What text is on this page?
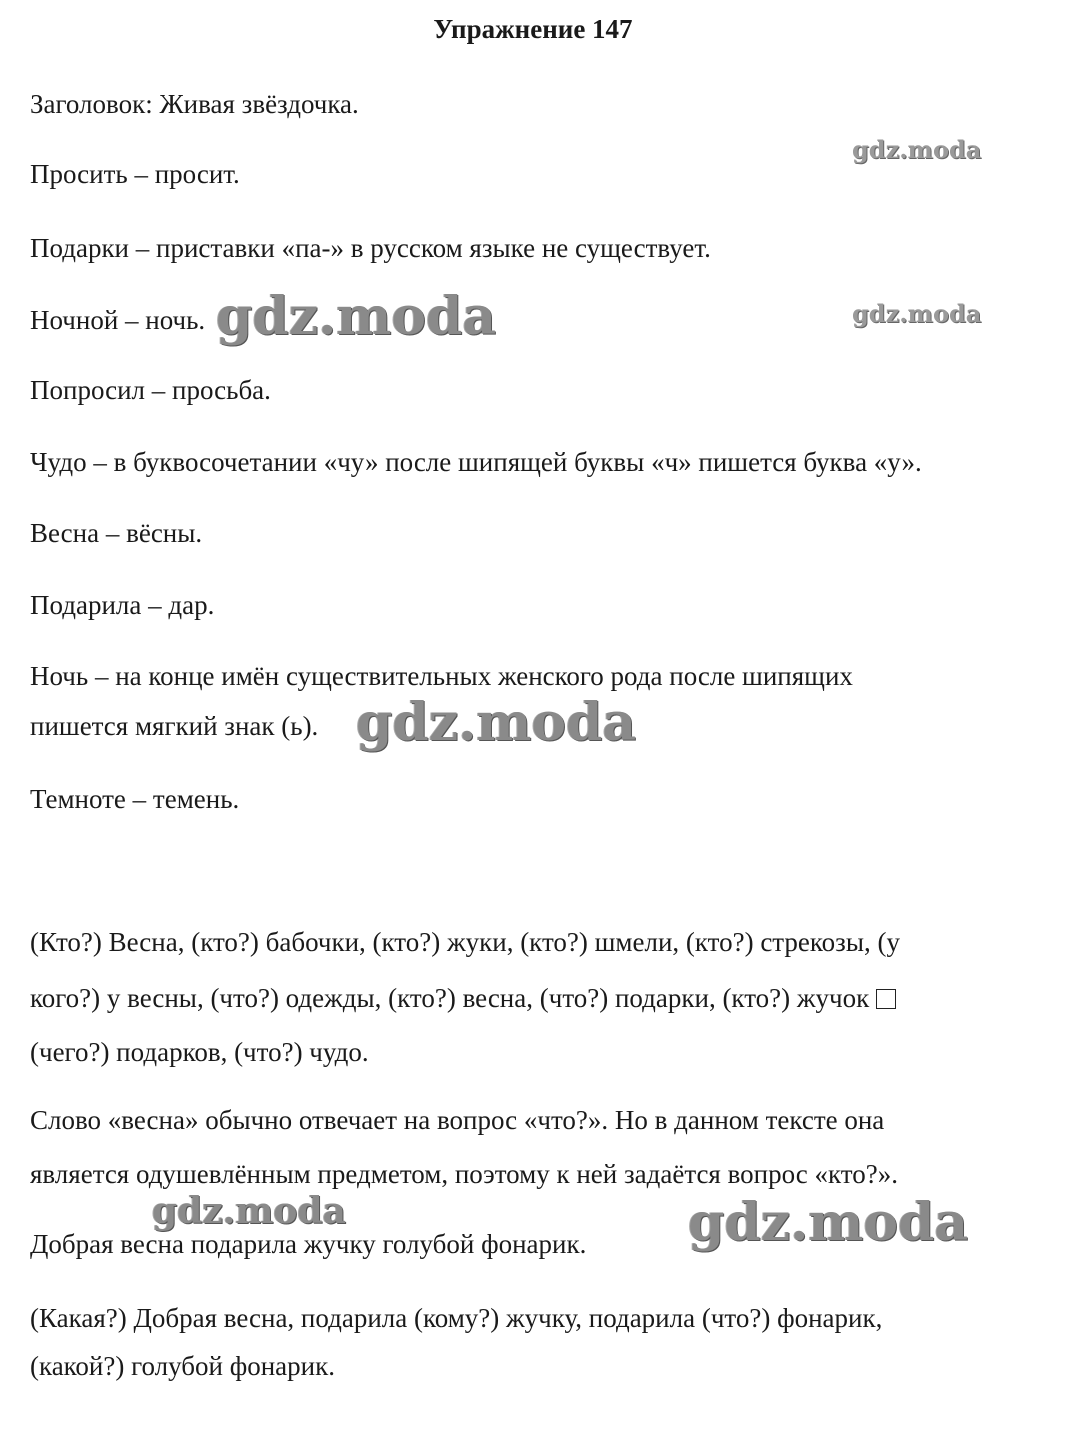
Упражнение 147
Заголовок: Живая звёздочка.
Просить – просит.
Подарки – приставки «па-» в русском языке не существует.
Ночной – ночь.
Попросил – просьба.
Чудо – в буквосочетании «чу» после шипящей буквы «ч» пишется буква «у».
Весна – вёсны.
Подарила – дар.
Ночь – на конце имён существительных женского рода после шипящих
пишется мягкий знак (ь).
Темноте – темень.
(Кто?) Весна, (кто?) бабочки, (кто?) жуки, (кто?) шмели, (кто?) стрекозы, (у
кого?) у весны, (что?) одежды, (кто?) весна, (что?) подарки, (кто?) жучок
(чего?) подарков, (что?) чудо.
Слово «весна» обычно отвечает на вопрос «что?». Но в данном тексте она
является одушевлённым предметом, поэтому к ней задаётся вопрос «кто?».
Добрая весна подарила жучку голубой фонарик.
(Какая?) Добрая весна, подарила (кому?) жучку, подарила (что?) фонарик,
(какой?) голубой фонарик.
gdz.moda
gdz.moda	gdz.moda
gdz.moda
gdz.moda	gdz.moda
